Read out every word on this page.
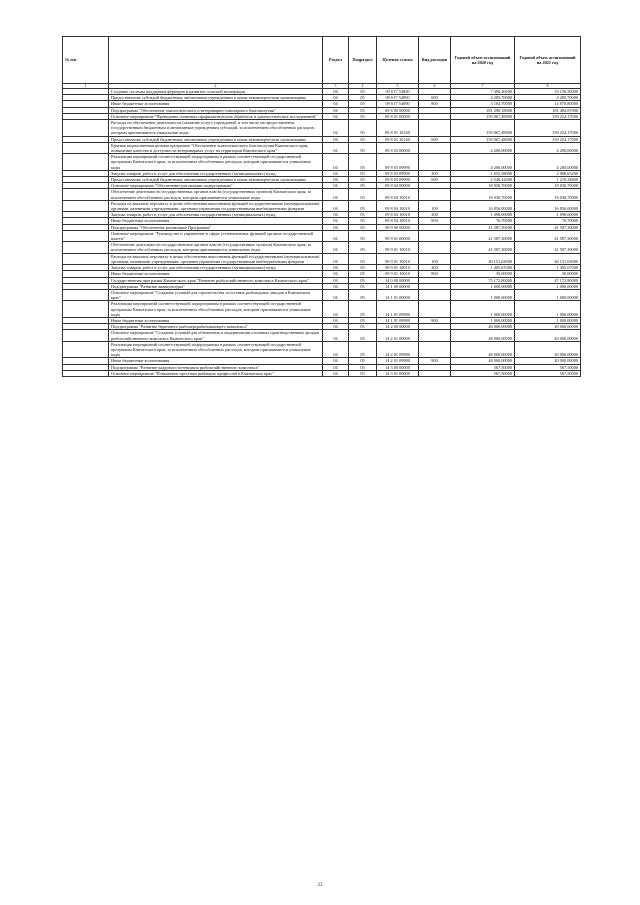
№ п/п		Раздел	Подраздел	Целевая статья	Вид расходов	Годовой объем ассигнований на 2020 год	Годовой объем ассигнований на 2021 год
1	2	3	4	5	6	7	8
	Создание системы поддержки фермеров и развитие сельской кооперации	04	05	09 6 I7 54800		7 390,40000	19 156,50000
	Предоставление субсидий бюджетным, автономным учреждениям и иным некоммерческим организациям	04	05	09 6 I7 54800	600	4 285,70000	4 285,70000
	Иные бюджетные ассигнования	04	05	09 6 I7 54800	800	3 104,70000	14 870,80000
	Подпрограмма "Обеспечение эпизоотического и ветеринарно-санитарного благополучия"	04	05	09 8 00 00000		181 298,18000	181 484,87000
	Основное мероприятие "Проведение плановых профилактических обработок и диагностических исследований"	04	05	09 8 01 00000		159 067,48000	159 254,17000
	Расходы на обеспечение деятельности (оказание услуг) учреждений, в том числе на предоставление государственным бюджетным и автономным учреждениям субсидий, за исключением обособленных расходов, которым присваиваются уникальные коды	04	05	09 8 01 10140		159 067,48000	159 254,17000
	Предоставление субсидий бюджетным, автономным учреждениям и иным некоммерческим организациям	04	05	09 8 01 10140	600	159 067,48000	159 254,17000
	Краевая ведомственная целевая программа "Обеспечение эпизоотического благополучия Камчатского края, повышение качества и доступности ветеринарных услуг на территории Камчатского края"	04	05	09 8 03 00000		4 200,00000	4 200,00000
	Реализация мероприятий соответствующей подпрограммы в рамках соответствующей государственной программы Камчатского края, за исключением обособленных расходов, которым присваиваются уникальные коды	04	05	09 8 03 09990		4 200,00000	4 200,00000
	Закупка товаров, работ и услуг для обеспечения государственных (муниципальных) нужд	04	05	09 8 03 09990	200	1 653,58000	2 980,65200
	Предоставление субсидий бюджетным, автономным учреждениям и иным некоммерческим организациям	04	05	09 8 03 09990	600	2 546,42000	1 219,34800
	Основное мероприятие "Обеспечение реализации подпрограммы"	04	05	09 8 04 00000		18 030,70000	18 030,70000
	Обеспечение деятельности государственных органов власти (государственных органов) Камчатского края, за исключением обособленных расходов, которым присваиваются уникальные коды	04	05	09 8 04 10010		18 030,70000	18 030,70000
	Расходы на выплаты персоналу в целях обеспечения выполнения функций государственными (муниципальными) органами, казенными учреждениями, органами управления государственными внебюджетными фондами	04	05	09 8 04 10010	100	16 856,00000	16 856,00000
	Закупка товаров, работ и услуг для обеспечения государственных (муниципальных) нужд	04	05	09 8 04 10010	200	1 098,00000	1 098,00000
	Иные бюджетные ассигнования	04	05	09 8 04 10010	800	76,70000	76,70000
	Подпрограмма "Обеспечение реализации Программы"	04	05	09 9 00 00000		41 587,30000	41 587,30000
	Основное мероприятие "Руководство и управление в сфере установленных функций органов государственной власти"	04	05	09 9 01 00000		41 587,30000	41 587,30000
	Обеспечение деятельности государственных органов власти (государственных органов) Камчатского края, за исключением обособленных расходов, которым присваиваются уникальные коды	04	05	09 9 01 10010		41 587,30000	41 587,30000
	Расходы на выплаты персоналу в целях обеспечения выполнения функций государственными (муниципальными) органами, казенными учреждениями, органами управления государственными внебюджетными фондами	04	05	09 9 01 10010	100	40 151,63000	40 151,63000
	Закупка товаров, работ и услуг для обеспечения государственных (муниципальных) нужд	04	05	09 9 01 10010	200	1 405,67000	1 405,67000
	Иные бюджетные ассигнования	04	05	09 9 01 10010	800	30,00000	30,00000
	Государственная программа Камчатского края "Развитие рыбохозяйственного комплекса Камчатского края"	04	05	14 0 00 00000		75 172,80000	47 172,80000
	Подпрограмма "Развитие аквакультуры"	04	05	14 1 00 00000		1 000,00000	1 000,00000
	Основное мероприятие "Создание условий для строительства лососевых рыбоводных заводов в Камчатском крае"	04	05	14 1 01 00000		1 000,00000	1 000,00000
	Реализация мероприятий соответствующей подпрограммы в рамках соответствующей государственной программы Камчатского края, за исключением обособленных расходов, которым присваиваются уникальные коды	04	05	14 1 01 09980		1 000,00000	1 000,00000
	Иные бюджетные ассигнования	04	05	14 1 01 09980	800	1 000,00000	1 000,00000
	Подпрограмма "Развитие берегового рыбоперерабатывающего комплекса"	04	05	14 2 00 00000		48 000,00000	20 000,00000
	Основное мероприятие "Создание условий для обновления и модернизации основных производственных фондов рыбохозяйственного комплекса Камчатского края"	04	05	14 2 01 00000		48 000,00000	20 000,00000
	Реализация мероприятий соответствующей подпрограммы в рамках соответствующей государственной программы Камчатского края, за исключением обособленных расходов, которым присваиваются уникальные коды	04	05	14 2 01 09980		48 000,00000	20 000,00000
	Иные бюджетные ассигнования	04	05	14 2 01 09980	800	48 000,00000	20 000,00000
	Подпрограмма "Развитие кадрового потенциала рыбохозяйственного комплекса"	04	05	14 3 00 00000		567,50000	567,50000
	Основное мероприятие "Повышение престижа рыбацких профессий в Камчатском крае"	04	05	14 3 01 00000		567,50000	567,50000
23
